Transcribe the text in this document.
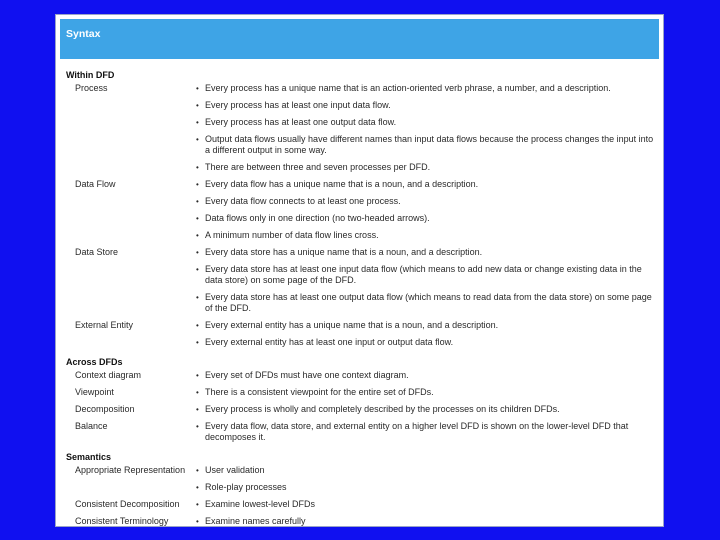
Syntax
Within DFD
Process	• Every process has a unique name that is an action-oriented verb phrase, a number, and a description.
• Every process has at least one input data flow.
• Every process has at least one output data flow.
• Output data flows usually have different names than input data flows because the process changes the input into a different output in some way.
• There are between three and seven processes per DFD.
Data Flow	• Every data flow has a unique name that is a noun, and a description.
• Every data flow connects to at least one process.
• Data flows only in one direction (no two-headed arrows).
• A minimum number of data flow lines cross.
Data Store	• Every data store has a unique name that is a noun, and a description.
• Every data store has at least one input data flow (which means to add new data or change existing data in the data store) on some page of the DFD.
• Every data store has at least one output data flow (which means to read data from the data store) on some page of the DFD.
External Entity	• Every external entity has a unique name that is a noun, and a description.
• Every external entity has at least one input or output data flow.
Across DFDs
Context diagram	• Every set of DFDs must have one context diagram.
Viewpoint	• There is a consistent viewpoint for the entire set of DFDs.
Decomposition	• Every process is wholly and completely described by the processes on its children DFDs.
Balance	• Every data flow, data store, and external entity on a higher level DFD is shown on the lower-level DFD that decomposes it.
Semantics
Appropriate Representation	• User validation
• Role-play processes
Consistent Decomposition	• Examine lowest-level DFDs
Consistent Terminology	• Examine names carefully
